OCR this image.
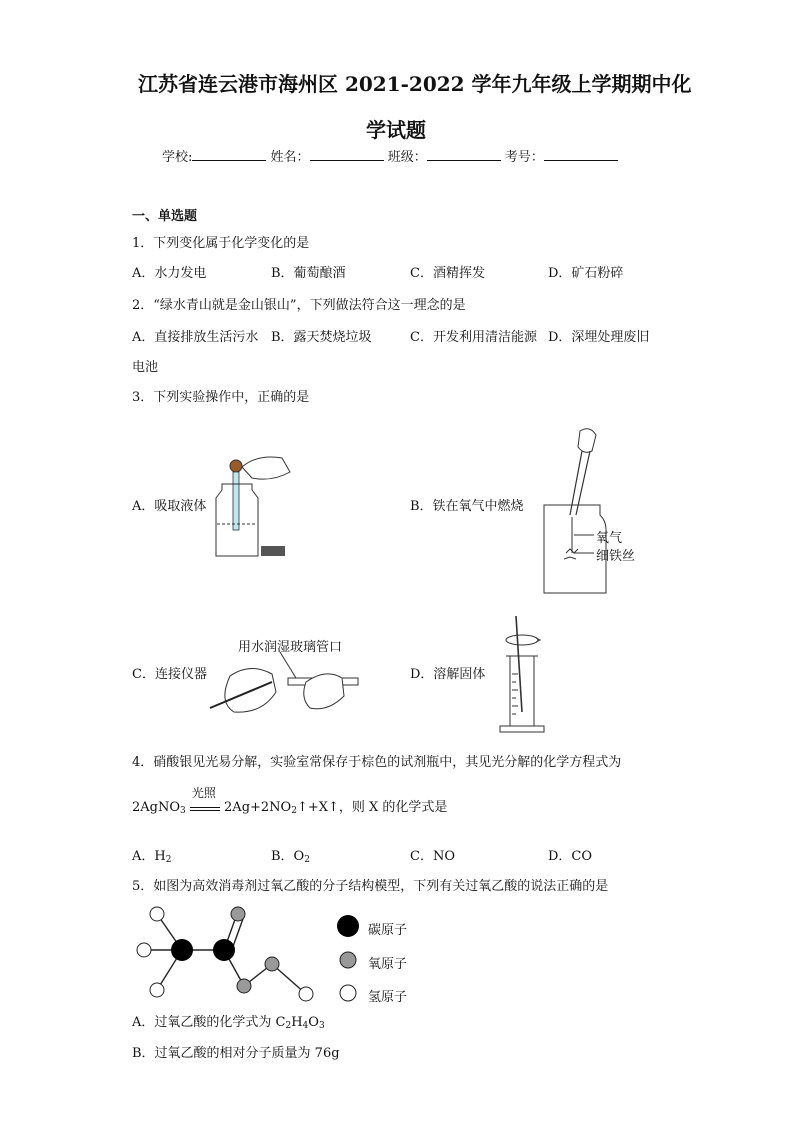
江苏省连云港市海州区 2021-2022 学年九年级上学期期中化
学试题
学校:	姓名：	班级：	考号：
一、单选题
1．下列变化属于化学变化的是
A．水力发电	B．葡萄酿酒	C．酒精挥发	D．矿石粉碎
2．“绿水青山就是金山银山”，下列做法符合这一理念的是
A．直接排放生活污水 B．露天焚烧垃圾	C．开发利用清洁能源 D．深埋处理废旧
电池
3．下列实验操作中，正确的是
A．吸取液体	B．铁在氧气中燃烧
氧气
细铁丝
C．连接仪器
用水润湿玻璃管口
D．溶解固体
4．硝酸银见光易分解，实验室常保存于棕色的试剂瓶中，其见光分解的化学方程式为
2AgNO$_3$
光照
$2Ag+2NO_2↑+X↑$，则 X 的化学式是
A．$H_2$	B．$O_2$	C．NO	D．CO
5．如图为高效消毒剂过氧乙酸的分子结构模型，下列有关过氧乙酸的说法正确的是
碳原子
氧原子
氢原子
A．过氧乙酸的化学式为 $C_2H_4O_3$
B．过氧乙酸的相对分子质量为 76g
